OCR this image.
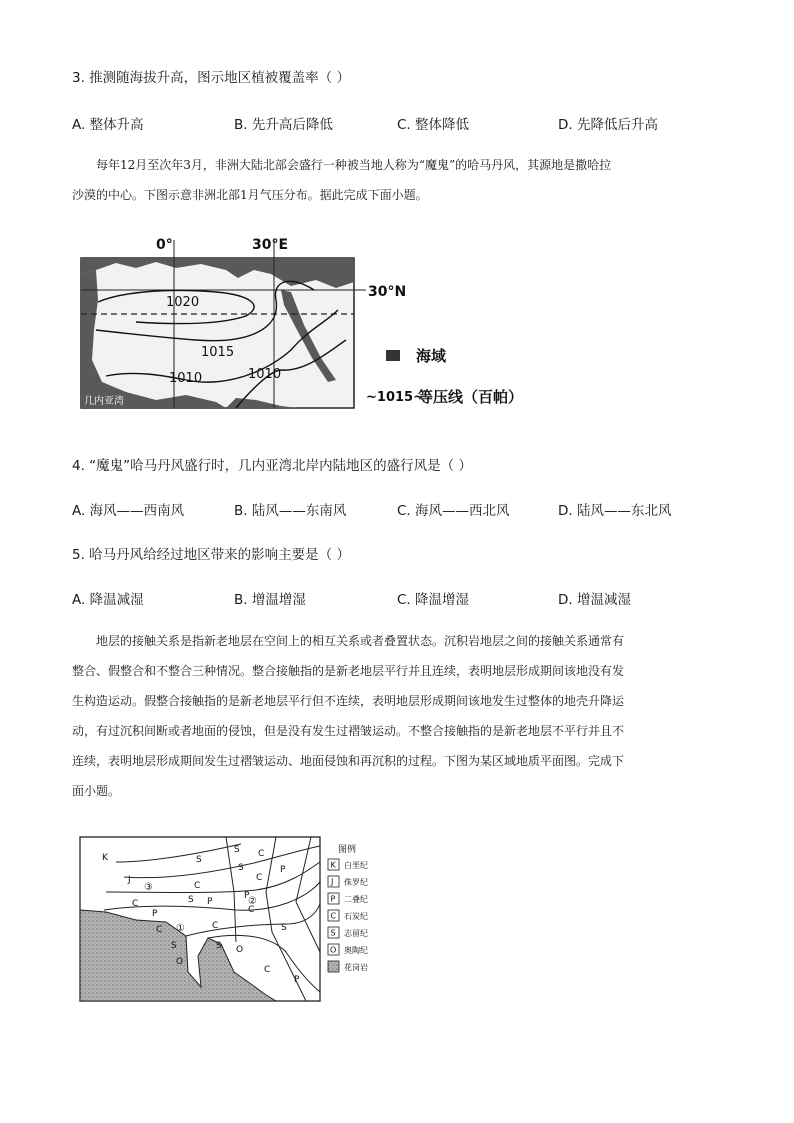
3. 推测随海拔升高，图示地区植被覆盖率（ ）
A. 整体升高	B. 先升高后降低	C. 整体降低	D. 先降低后升高
每年12月至次年3月，非洲大陆北部会盛行一种被当地人称为“魔鬼”的哈马丹风，其源地是撒哈拉
沙漠的中心。下图示意非洲北部1月气压分布。据此完成下面小题。
0°	30°E
30°N
1020
1015
1010	1010
几内亚湾
海域
~1015~
等压线（百帕）
4. “魔鬼”哈马丹风盛行时，几内亚湾北岸内陆地区的盛行风是（ ）
A. 海风——西南风	B. 陆风——东南风	C. 海风——西北风	D. 陆风——东北风
5. 哈马丹风给经过地区带来的影响主要是（ ）
A. 降温减湿	B. 增温增湿	C. 降温增湿	D. 增温减湿
地层的接触关系是指新老地层在空间上的相互关系或者叠置状态。沉积岩地层之间的接触关系通常有
整合、假整合和不整合三种情况。整合接触指的是新老地层平行并且连续，表明地层形成期间该地没有发
生构造运动。假整合接触指的是新老地层平行但不连续，表明地层形成期间该地发生过整体的地壳升降运
动，有过沉积间断或者地面的侵蚀，但是没有发生过褶皱运动。不整合接触指的是新老地层不平行并且不
连续，表明地层形成期间发生过褶皱运动、地面侵蚀和再沉积的过程。下图为某区域地质平面图。完成下
面小题。
K
J
C
P
C
S
S
O
S
C
P
C
S O
S
C
P
C
S
C
P
S
C
P
①
②
③
图例
K 白垩纪
J 侏罗纪
P 二叠纪
C 石炭纪
S 志留纪
O 奥陶纪
花岗岩
